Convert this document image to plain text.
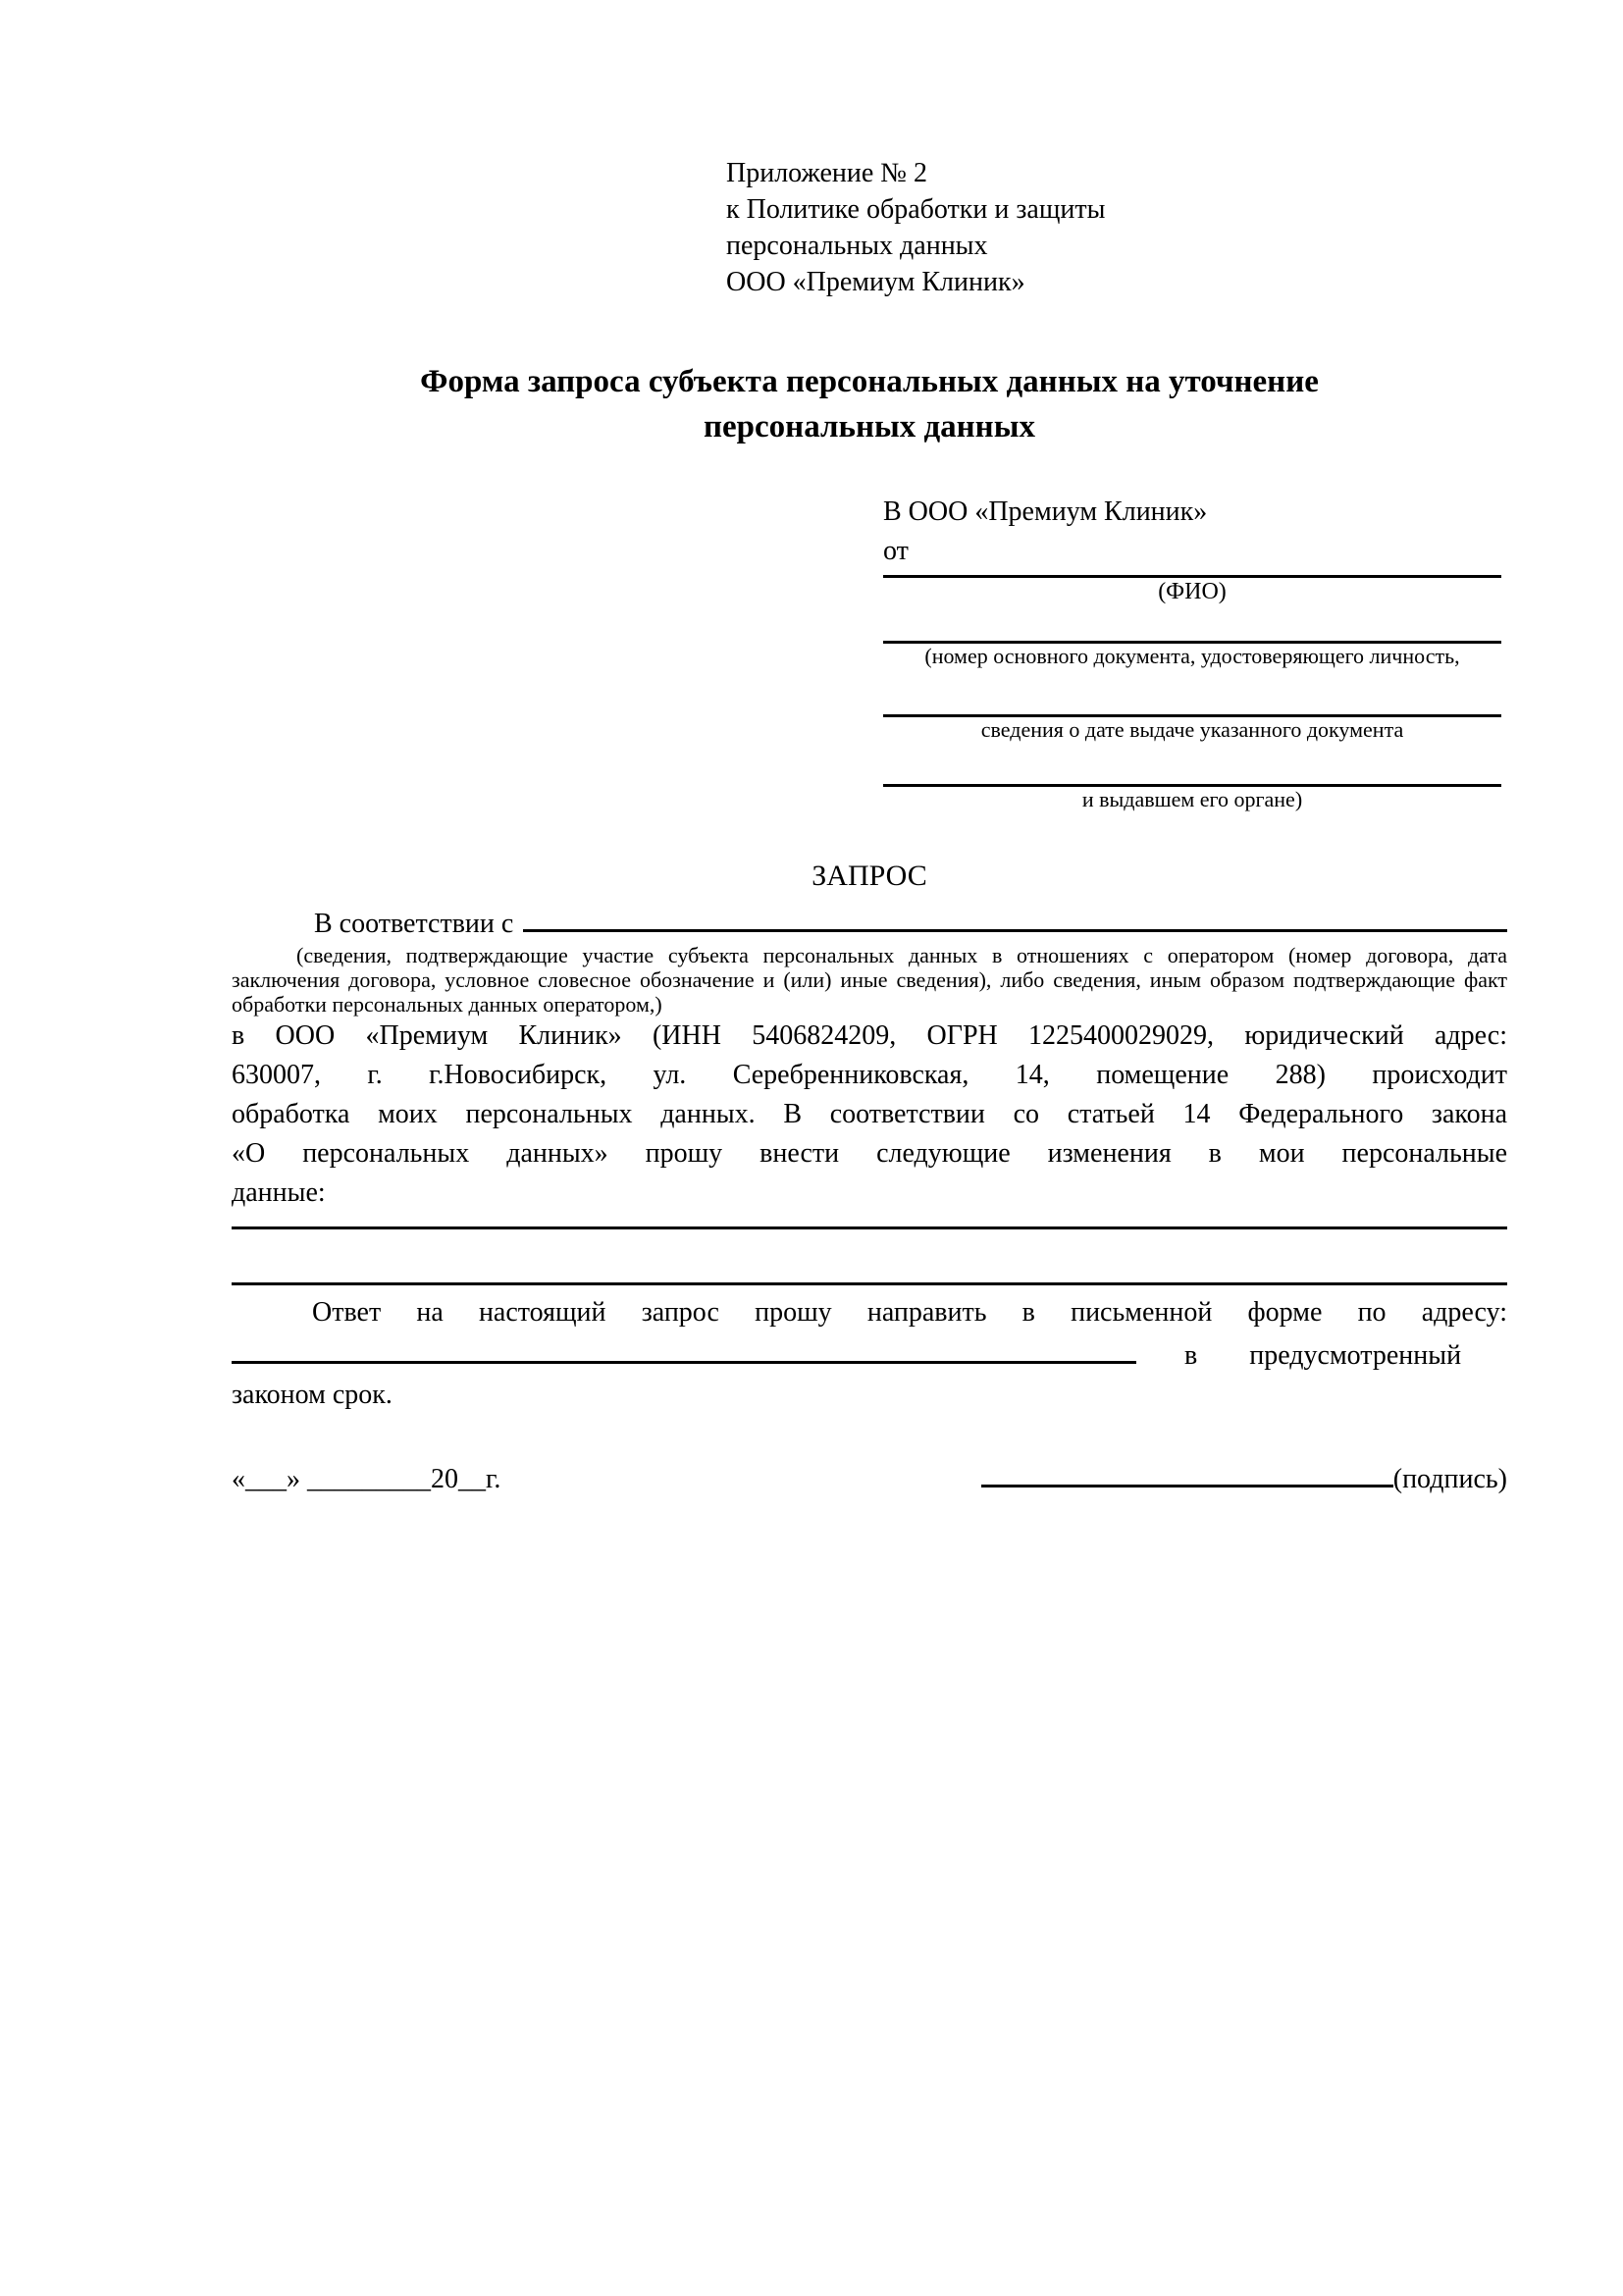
Приложение № 2
к Политике обработки и защиты
персональных данных
ООО «Премиум Клиник»
Форма запроса субъекта персональных данных на уточнение
персональных данных
В ООО «Премиум Клиник»
от
(ФИО)
(номер основного документа, удостоверяющего личность,
сведения о дате выдаче указанного документа
и выдавшем его органе)
ЗАПРОС
В соответствии с
(сведения, подтверждающие участие субъекта персональных данных в отношениях с оператором (номер договора, дата
заключения договора, условное словесное обозначение и (или) иные сведения), либо сведения, иным образом подтверждающие факт
обработки персональных данных оператором,)
в ООО «Премиум Клиник» (ИНН 5406824209, ОГРН 1225400029029, юридический адрес:
630007, г. г.Новосибирск, ул. Серебренниковская, 14, помещение 288) происходит
обработка моих персональных данных. В соответствии со статьей 14 Федерального закона
«О персональных данных» прошу внести следующие изменения в мои персональные
данные:
Ответ на настоящий запрос прошу направить в письменной форме по адресу:
в предусмотренный
законом срок.
«___» _________20__г.	(подпись)
